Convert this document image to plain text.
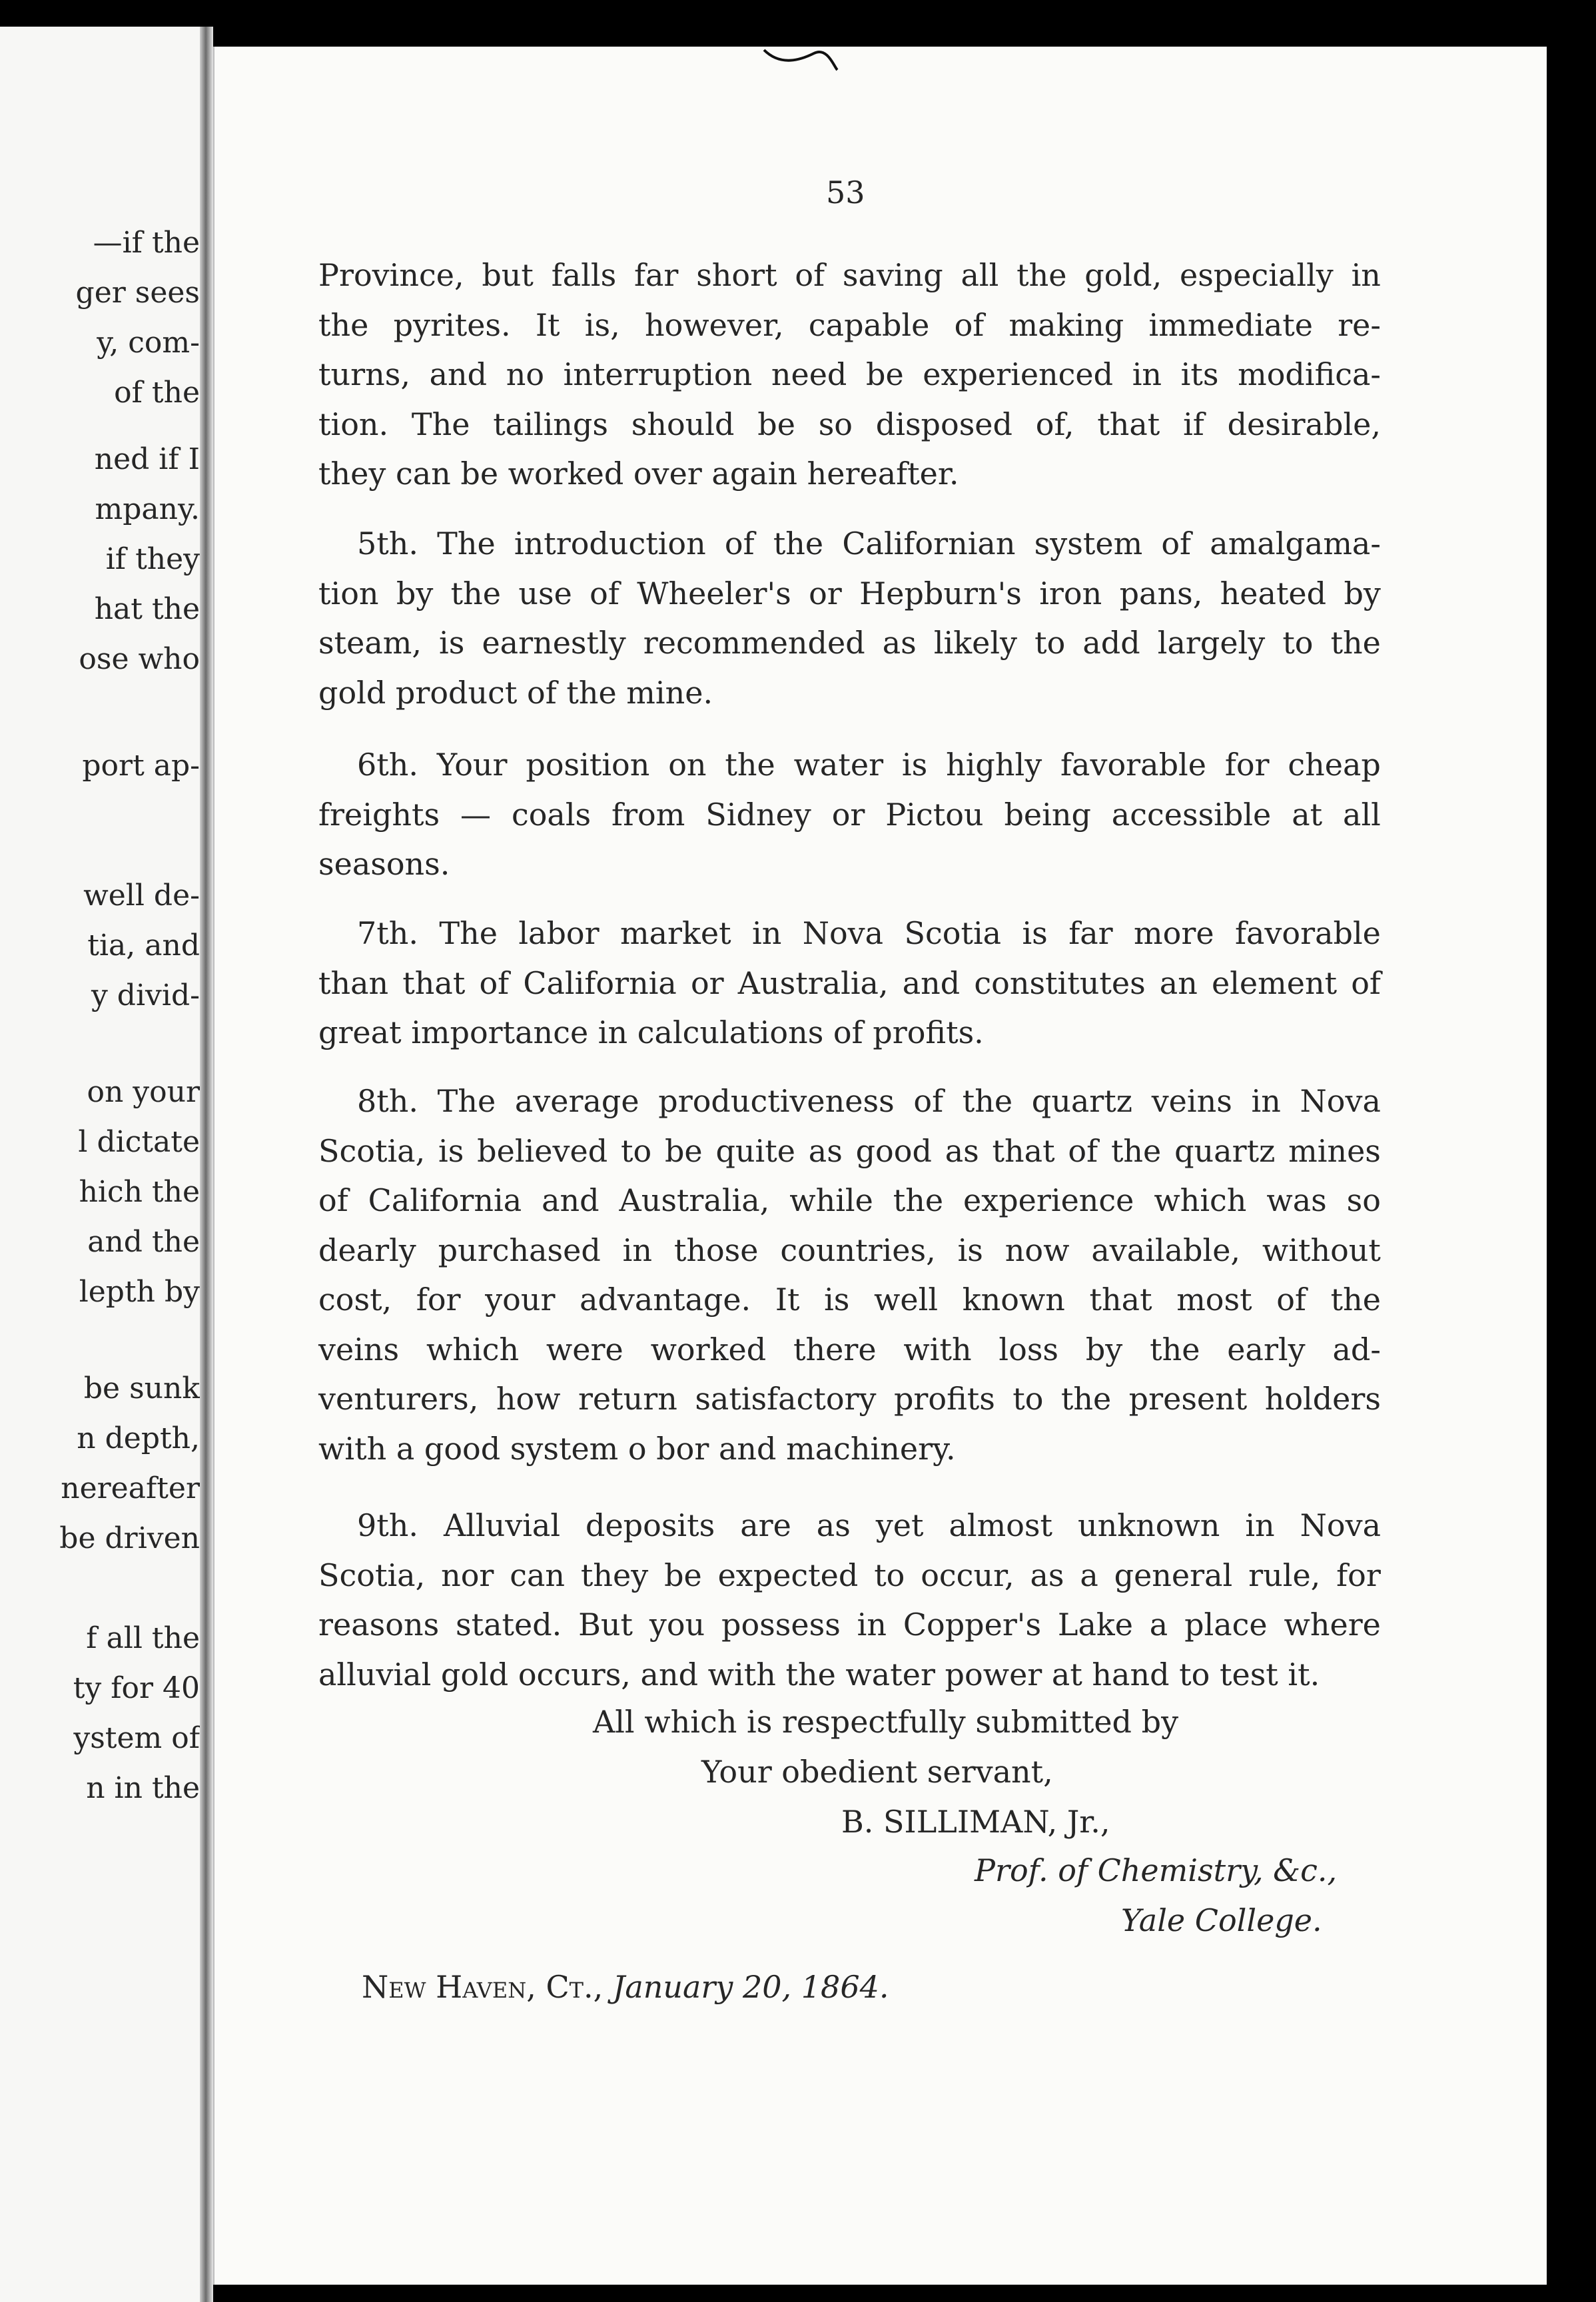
—if the
ger sees
y, com-
of the
ned if I
mpany.
if they
hat the
ose who
port ap-
well de-
tia, and
y divid-
on your
l dictate
hich the
and the
lepth by
be sunk
n depth,
nereafter
be driven
f all the
ty for 40
ystem of
n in the
53
Province, but falls far short of saving all the gold, especially in
the pyrites. It is, however, capable of making immediate re-
turns, and no interruption need be experienced in its modifica-
tion. The tailings should be so disposed of, that if desirable,
they can be worked over again hereafter.
5th. The introduction of the Californian system of amalgama-
tion by the use of Wheeler's or Hepburn's iron pans, heated by
steam, is earnestly recommended as likely to add largely to the
gold product of the mine.
6th. Your position on the water is highly favorable for cheap
freights — coals from Sidney or Pictou being accessible at all
seasons.
7th. The labor market in Nova Scotia is far more favorable
than that of California or Australia, and constitutes an element of
great importance in calculations of profits.
8th. The average productiveness of the quartz veins in Nova
Scotia, is believed to be quite as good as that of the quartz mines
of California and Australia, while the experience which was so
dearly purchased in those countries, is now available, without
cost, for your advantage. It is well known that most of the
veins which were worked there with loss by the early ad-
venturers, how return satisfactory profits to the present holders
with a good system o bor and machinery.
9th. Alluvial deposits are as yet almost unknown in Nova
Scotia, nor can they be expected to occur, as a general rule, for
reasons stated. But you possess in Copper's Lake a place where
alluvial gold occurs, and with the water power at hand to test it.
All which is respectfully submitted by
Your obedient servant,
B. SILLIMAN, Jr.,
Prof. of Chemistry, &c.,
Yale College.
New Haven, Ct., January 20, 1864.
